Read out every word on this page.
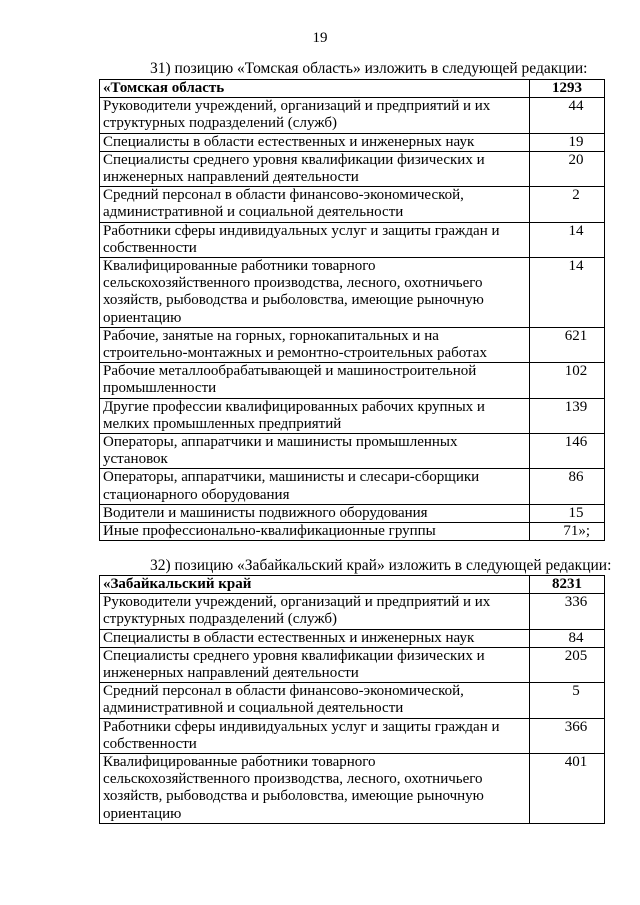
19
31) позицию «Томская область» изложить в следующей редакции:
«Томская область	1293
Руководители учреждений, организаций и предприятий и их структурных подразделений (служб)	44
Специалисты в области естественных и инженерных наук	19
Специалисты среднего уровня квалификации физических и инженерных направлений деятельности	20
Средний персонал в области финансово-экономической, административной и социальной деятельности	2
Работники сферы индивидуальных услуг и защиты граждан и собственности	14
Квалифицированные работники товарного сельскохозяйственного производства, лесного, охотничьего хозяйств, рыбоводства и рыболовства, имеющие рыночную ориентацию	14
Рабочие, занятые на горных, горнокапитальных и на строительно-монтажных и ремонтно-строительных работах	621
Рабочие металлообрабатывающей и машиностроительной промышленности	102
Другие профессии квалифицированных рабочих крупных и мелких промышленных предприятий	139
Операторы, аппаратчики и машинисты промышленных установок	146
Операторы, аппаратчики, машинисты и слесари-сборщики стационарного оборудования	86
Водители и машинисты подвижного оборудования	15
Иные профессионально-квалификационные группы	71»;
32) позицию «Забайкальский край» изложить в следующей редакции:
«Забайкальский край	8231
Руководители учреждений, организаций и предприятий и их структурных подразделений (служб)	336
Специалисты в области естественных и инженерных наук	84
Специалисты среднего уровня квалификации физических и инженерных направлений деятельности	205
Средний персонал в области финансово-экономической, административной и социальной деятельности	5
Работники сферы индивидуальных услуг и защиты граждан и собственности	366
Квалифицированные работники товарного сельскохозяйственного производства, лесного, охотничьего хозяйств, рыбоводства и рыболовства, имеющие рыночную ориентацию	401
